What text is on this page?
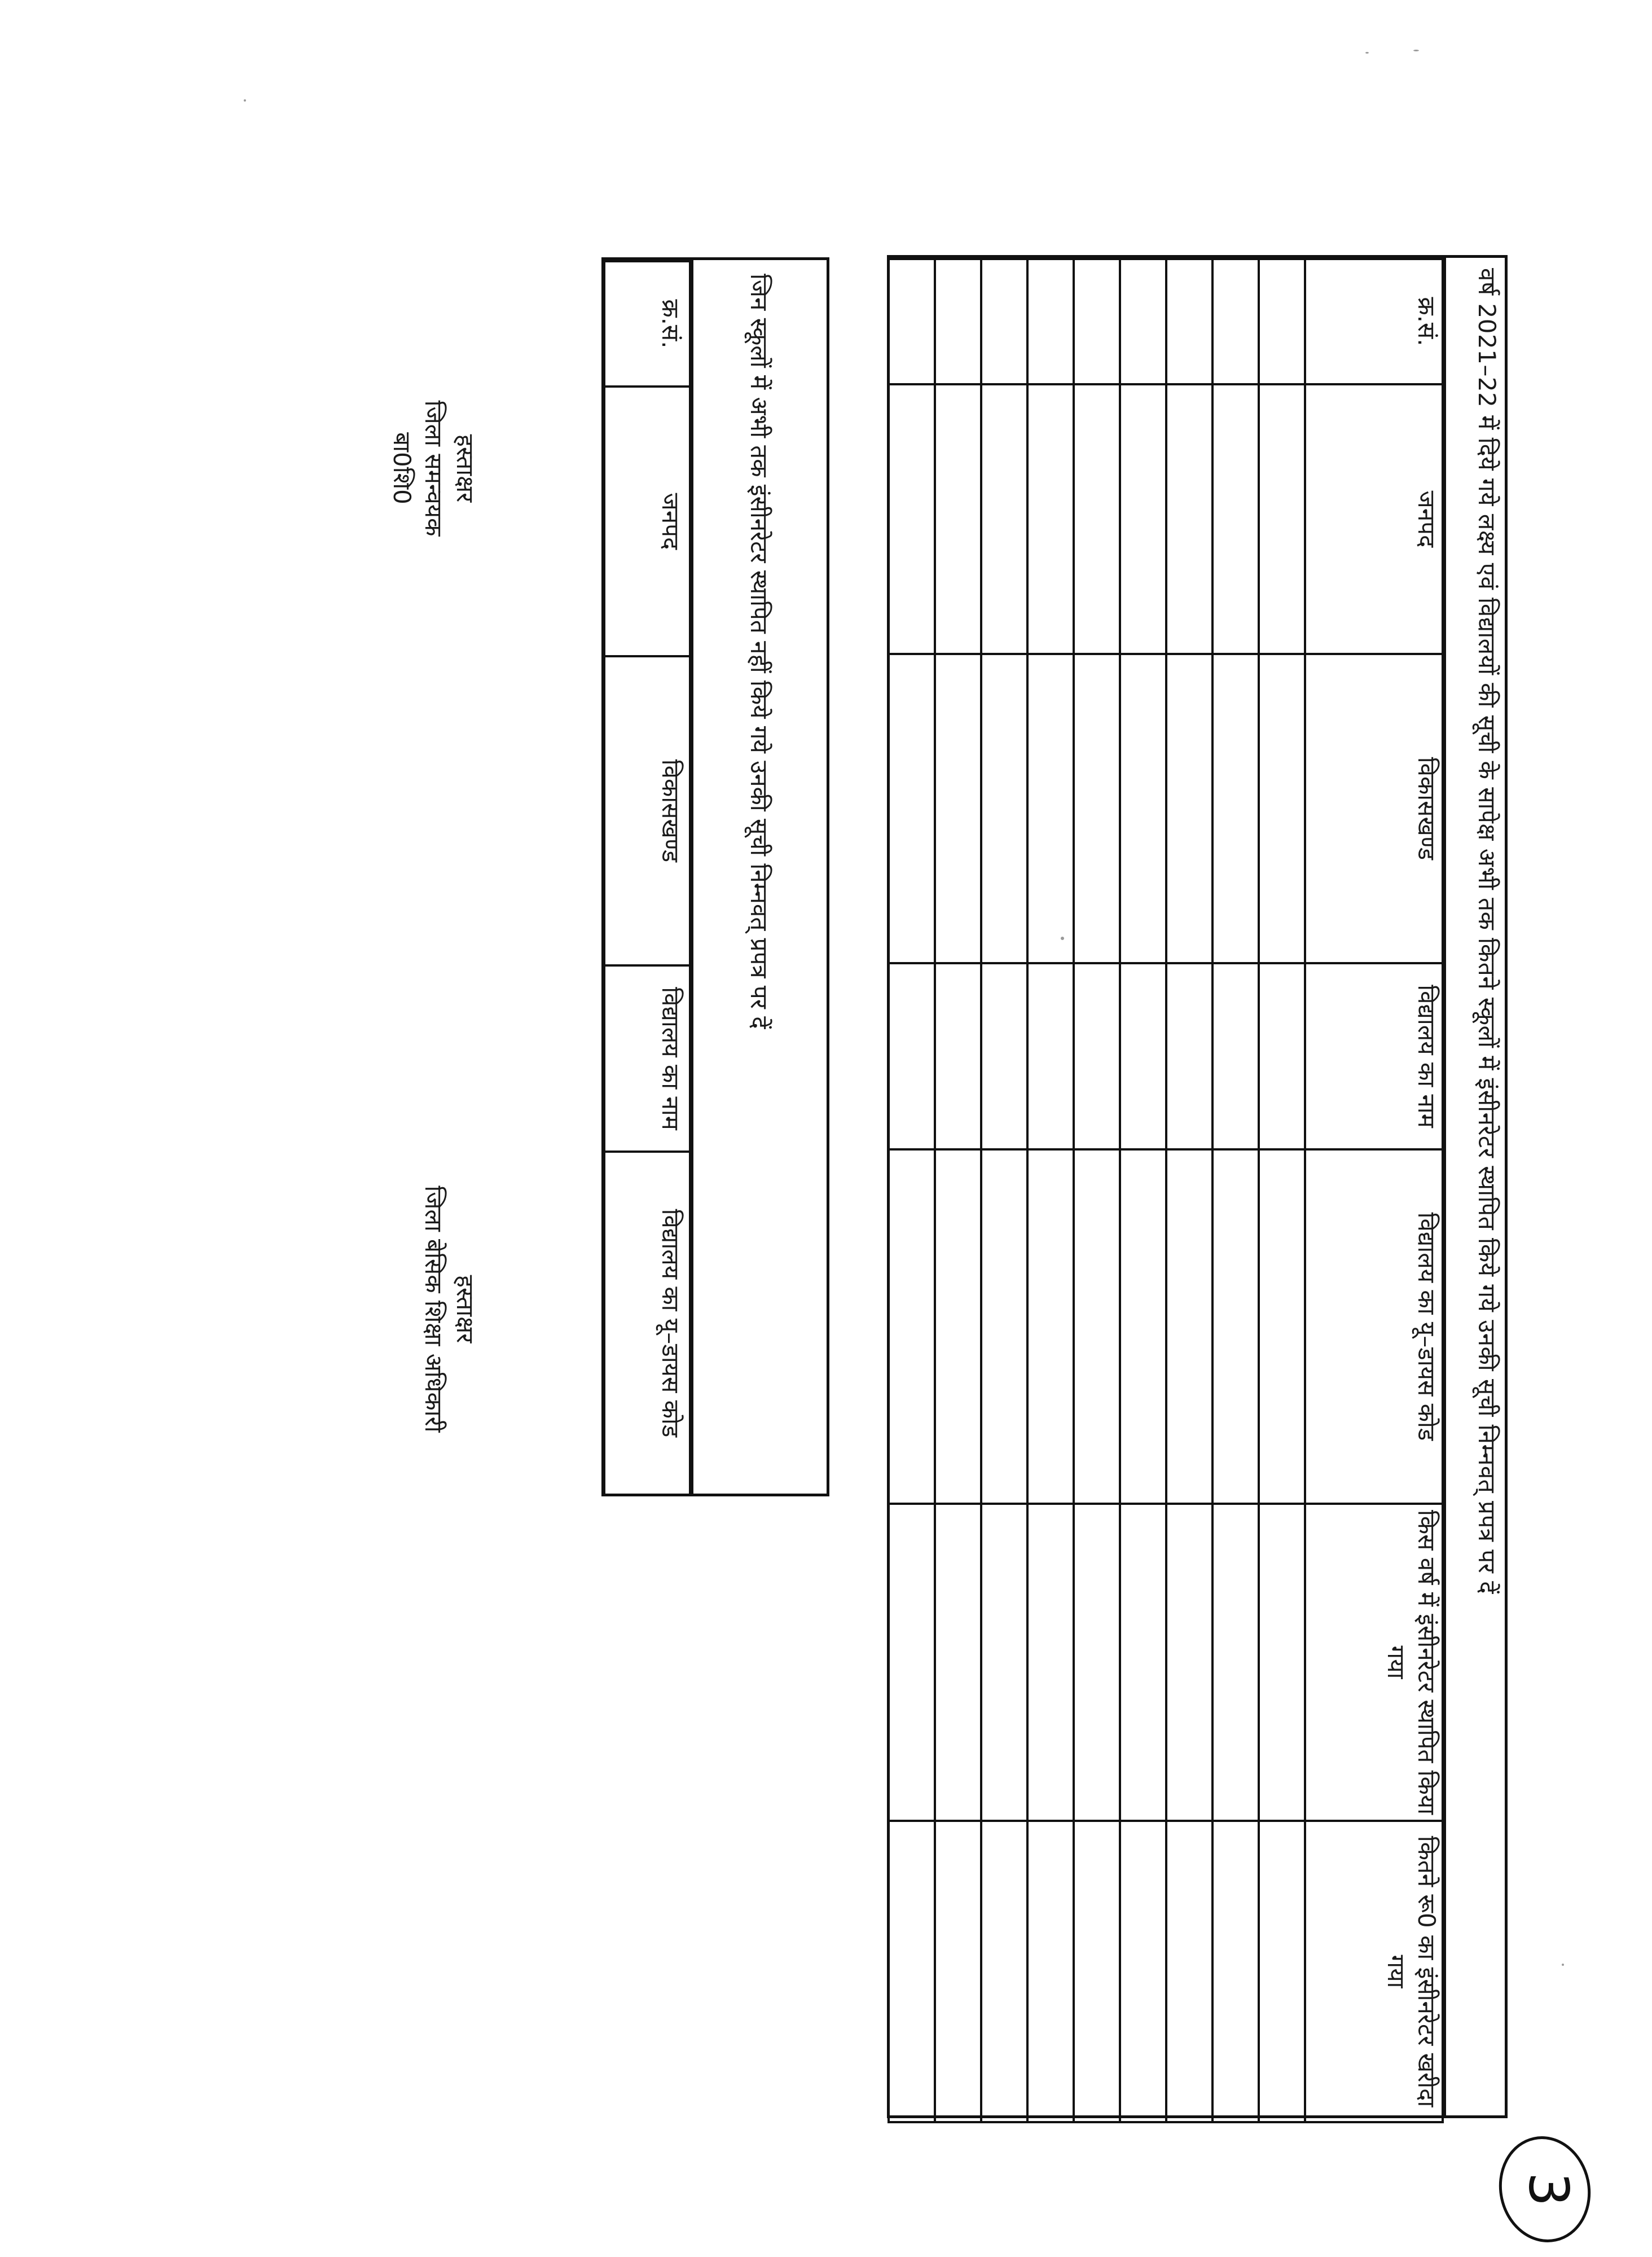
वर्ष 2021–22 में दिये गये लक्ष्य एवं विद्यालयों की सूची के सापेक्ष अभी तक कितने स्कूलों में इंसीनरेटर स्थापित किये गये उनकी सूची निम्नवत् प्रपत्र पर दें
क्र.सं.	जनपद	विकासखण्ड	विद्यालय का नाम	विद्यालय का यू–डायस कोड	किस वर्ष में इंसीनरेटर स्थापित किया गया	कितने रू0 का इंसीनरेटर खरीदा गया

जिन स्कूलों में अभी तक इंसीनरेटर स्थापित नहीं किये गये उनकी सूची निम्नवत् प्रपत्र पर दें
क्र.सं.	जनपद	विकासखण्ड	विद्यालय का नाम	विद्यालय का यू–डायस कोड
हस्ताक्षर
जिला समन्वयक बा0शि0
हस्ताक्षर
जिला बेसिक शिक्षा अधिकारी
3
